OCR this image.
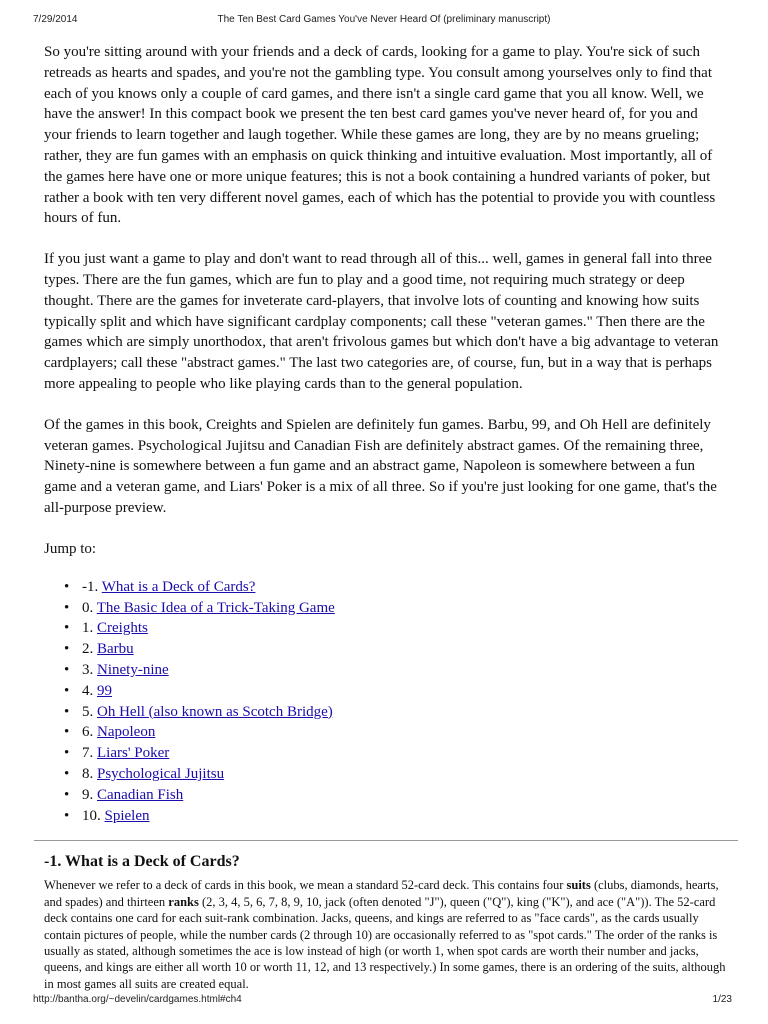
7/29/2014	The Ten Best Card Games You've Never Heard Of (preliminary manuscript)

So you're sitting around with your friends and a deck of cards, looking for a game to play. You're sick of such retreads as hearts and spades, and you're not the gambling type. You consult among yourselves only to find that each of you knows only a couple of card games, and there isn't a single card game that you all know. Well, we have the answer! In this compact book we present the ten best card games you've never heard of, for you and your friends to learn together and laugh together. While these games are long, they are by no means grueling; rather, they are fun games with an emphasis on quick thinking and intuitive evaluation. Most importantly, all of the games here have one or more unique features; this is not a book containing a hundred variants of poker, but rather a book with ten very different novel games, each of which has the potential to provide you with countless hours of fun.

If you just want a game to play and don't want to read through all of this... well, games in general fall into three types. There are the fun games, which are fun to play and a good time, not requiring much strategy or deep thought. There are the games for inveterate card-players, that involve lots of counting and knowing how suits typically split and which have significant cardplay components; call these "veteran games." Then there are the games which are simply unorthodox, that aren't frivolous games but which don't have a big advantage to veteran cardplayers; call these "abstract games." The last two categories are, of course, fun, but in a way that is perhaps more appealing to people who like playing cards than to the general population.

Of the games in this book, Creights and Spielen are definitely fun games. Barbu, 99, and Oh Hell are definitely veteran games. Psychological Jujitsu and Canadian Fish are definitely abstract games. Of the remaining three, Ninety-nine is somewhere between a fun game and an abstract game, Napoleon is somewhere between a fun game and a veteran game, and Liars' Poker is a mix of all three. So if you're just looking for one game, that's the all-purpose preview.

Jump to:

• -1. What is a Deck of Cards?
• 0. The Basic Idea of a Trick-Taking Game
• 1. Creights
• 2. Barbu
• 3. Ninety-nine
• 4. 99
• 5. Oh Hell (also known as Scotch Bridge)
• 6. Napoleon
• 7. Liars' Poker
• 8. Psychological Jujitsu
• 9. Canadian Fish
• 10. Spielen
-1. What is a Deck of Cards?

Whenever we refer to a deck of cards in this book, we mean a standard 52-card deck. This contains four suits (clubs, diamonds, hearts, and spades) and thirteen ranks (2, 3, 4, 5, 6, 7, 8, 9, 10, jack (often denoted "J"), queen ("Q"), king ("K"), and ace ("A")). The 52-card deck contains one card for each suit-rank combination. Jacks, queens, and kings are referred to as "face cards", as the cards usually contain pictures of people, while the number cards (2 through 10) are occasionally referred to as "spot cards." The order of the ranks is usually as stated, although sometimes the ace is low instead of high (or worth 1, when spot cards are worth their number and jacks, queens, and kings are either all worth 10 or worth 11, 12, and 13 respectively.) In some games, there is an ordering of the suits, although in most games all suits are created equal.

http://bantha.org/~develin/cardgames.html#ch4	1/23
